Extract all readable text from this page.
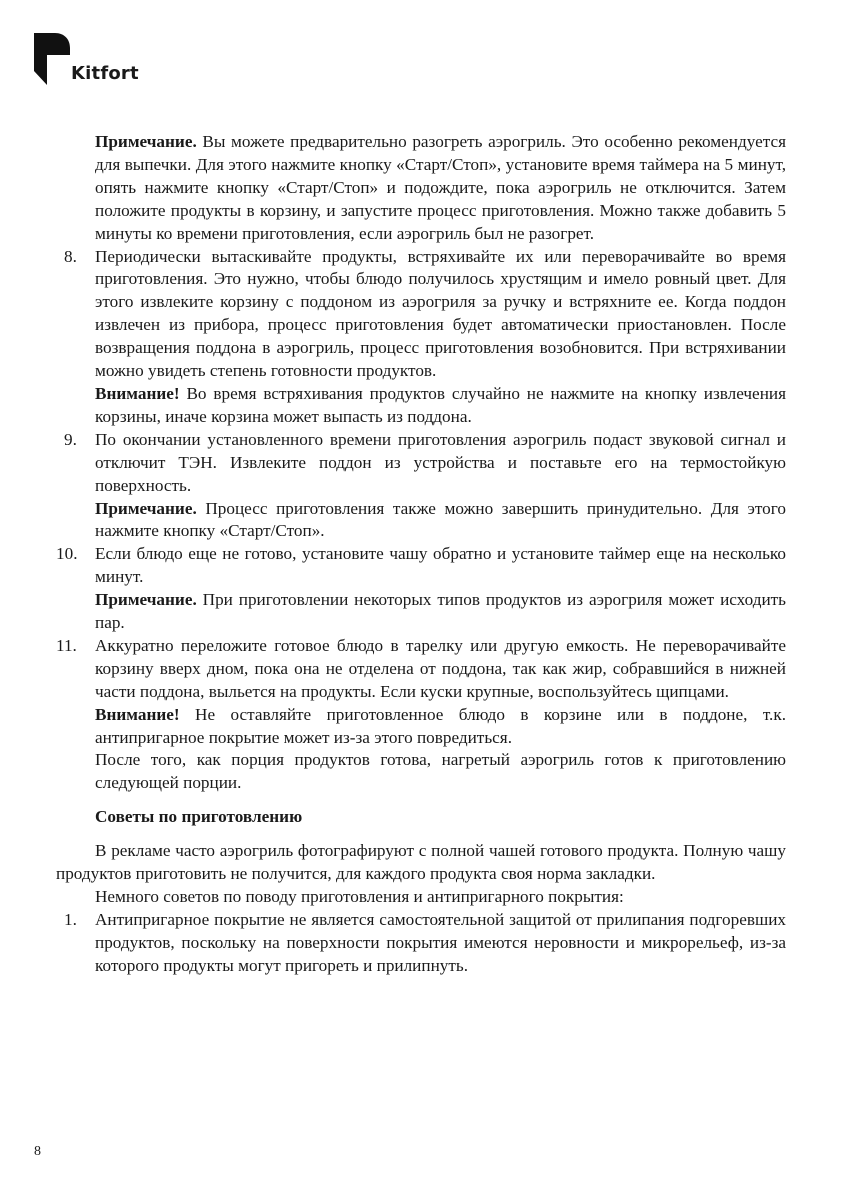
Kitfort

Примечание. Вы можете предварительно разогреть аэрогриль. Это особенно рекомендуется для выпечки. Для этого нажмите кнопку «Старт/Стоп», установите время таймера на 5 минут, опять нажмите кнопку «Старт/Стоп» и подождите, пока аэрогриль не отключится. Затем положите продукты в корзину, и запустите процесс приготовления. Можно также добавить 5 минуты ко времени приготовления, если аэрогриль был не разогрет.

8. Периодически вытаскивайте продукты, встряхивайте их или переворачивайте во время приготовления. Это нужно, чтобы блюдо получилось хрустящим и имело ровный цвет. Для этого извлеките корзину с поддоном из аэрогриля за ручку и встряхните ее. Когда поддон извлечен из прибора, процесс приготовления будет автоматически приостановлен. После возвращения поддона в аэрогриль, процесс приготовления возобновится. При встряхивании можно увидеть степень готовности продуктов.

Внимание! Во время встряхивания продуктов случайно не нажмите на кнопку извлечения корзины, иначе корзина может выпасть из поддона.

9. По окончании установленного времени приготовления аэрогриль подаст звуковой сигнал и отключит ТЭН. Извлеките поддон из устройства и поставьте его на термостойкую поверхность.

Примечание. Процесс приготовления также можно завершить принудительно. Для этого нажмите кнопку «Старт/Стоп».

10. Если блюдо еще не готово, установите чашу обратно и установите таймер еще на несколько минут.

Примечание. При приготовлении некоторых типов продуктов из аэрогриля может исходить пар.

11. Аккуратно переложите готовое блюдо в тарелку или другую емкость. Не переворачивайте корзину вверх дном, пока она не отделена от поддона, так как жир, собравшийся в нижней части поддона, выльется на продукты. Если куски крупные, воспользуйтесь щипцами.

Внимание! Не оставляйте приготовленное блюдо в корзине или в поддоне, т.к. антипригарное покрытие может из-за этого повредиться.

После того, как порция продуктов готова, нагретый аэрогриль готов к приготовлению следующей порции.

Советы по приготовлению

В рекламе часто аэрогриль фотографируют с полной чашей готового продукта. Полную чашу продуктов приготовить не получится, для каждого продукта своя норма закладки.

Немного советов по поводу приготовления и антипригарного покрытия:

1. Антипригарное покрытие не является самостоятельной защитой от прилипания подгоревших продуктов, поскольку на поверхности покрытия имеются неровности и микрорельеф, из-за которого продукты могут пригореть и прилипнуть.

8
